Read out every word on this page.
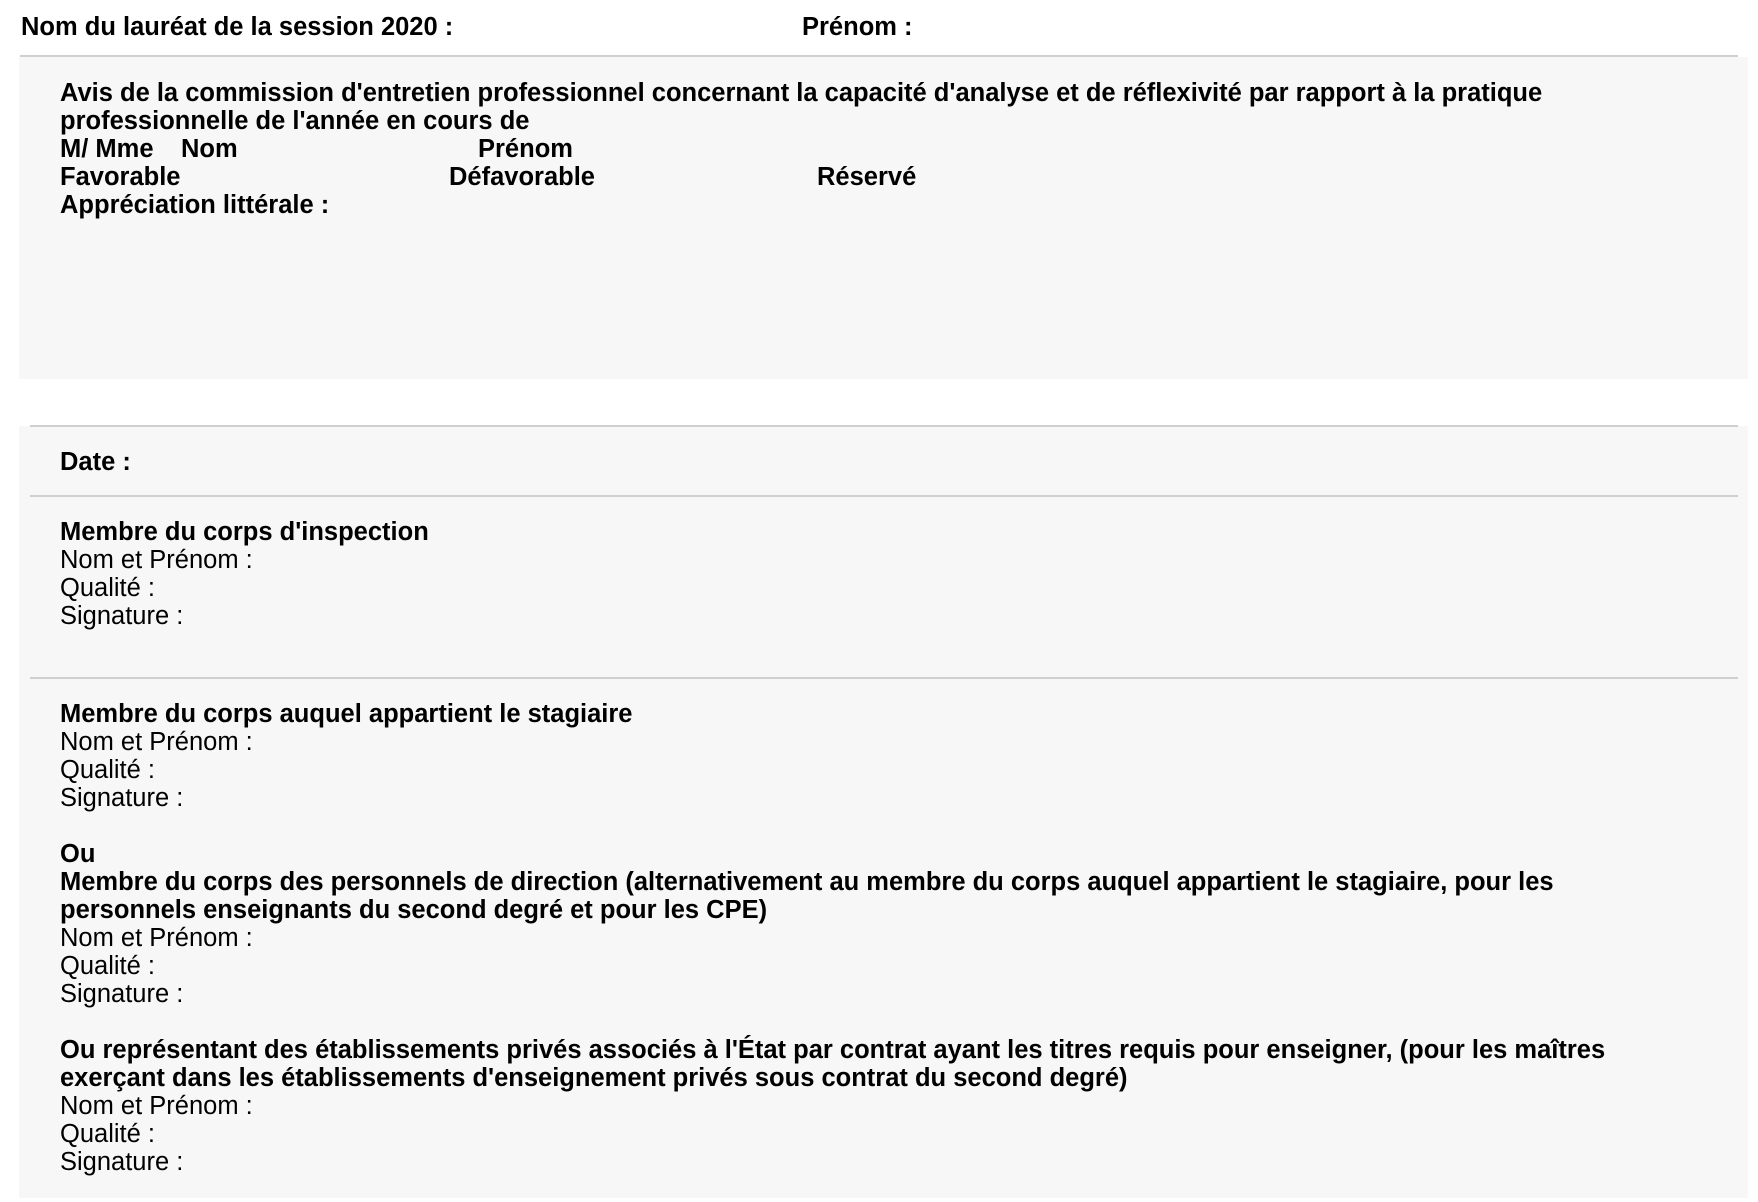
Nom du lauréat de la session 2020 :	Prénom :
Avis de la commission d'entretien professionnel concernant la capacité d'analyse et de réflexivité par rapport à la pratique professionnelle de l'année en cours de
M/ Mme Nom	Prénom
Favorable	Défavorable	Réservé
Appréciation littérale :
Date :
Membre du corps d'inspection
Nom et Prénom :
Qualité :
Signature :
Membre du corps auquel appartient le stagiaire
Nom et Prénom :
Qualité :
Signature :
Ou
Membre du corps des personnels de direction (alternativement au membre du corps auquel appartient le stagiaire, pour les personnels enseignants du second degré et pour les CPE)
Nom et Prénom :
Qualité :
Signature :
Ou représentant des établissements privés associés à l'État par contrat ayant les titres requis pour enseigner, (pour les maîtres exerçant dans les établissements d'enseignement privés sous contrat du second degré)
Nom et Prénom :
Qualité :
Signature :
